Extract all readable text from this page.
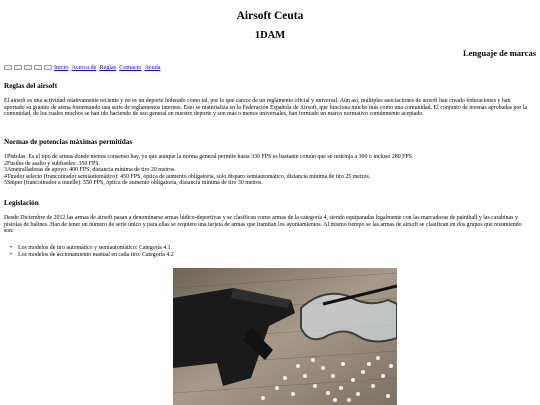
Airsoft Ceuta
1DAM
Lenguaje de marcas
Inicio Acerca de Reglas Contacto Ayuda
Reglas del airsoft

El airsoft es una actividad relativamente reciente y no es un deporte federado como tal, por lo que carece de un reglamento oficial y universal. Aún así, múltiples asociaciones de airsoft han creado federaciones y han aportado su granito de arena fomentando una serie de reglamentos internos. Esto se materializa en la Federación Española de Airsoft, que funciona mucho más como una comunidad. El conjunto de normas aprobadas por la comunidad, de los cuales muchos se han ido haciendo de uso general en nuestro deporte y son más o menos universales, han formado un marco normativo comúnmente aceptado.

Normas de potencias máximas permitidas
1Pistolas: Es el tipo de armas donde menos consenso hay, ya que aunque la norma general permite hasta 330 FPS es bastante común que se restrinja a 300 o incluso 280 FPS.
2Fusiles de asalto y subfusiles: 350 FPS.
3Ametralladoras de apoyo: 400 FPS, distancia mínima de tiro 20 metros.
4Tirador selecto (francotirador semiautomático): 450 FPS, óptica de aumento obligatoria, solo disparo semiautomático, distancia mínima de tiro 25 metros.
5Sniper (francotirador a muelle): 550 FPS, óptica de aumento obligatoria, distancia mínima de tiro 30 metros.
Legislación

Desde Diciembre de 2012 las armas de airsoft pasan a denominarse armas lúdico-deportivas y se clasifican como armas de la categoría 4, siendo equiparadas legalmente con las marcadoras de paintball y las carabinas y pistolas de balines. Han de tener un número de serie único y para ellas se requiere una tarjeta de armas que tramitan los ayuntamientos. Al mismo tiempo se las armas de airsoft se clasifican en dos grupos que resumiendo son:

• Los modelos de tiro automático y semiautomático: Categoría 4.1
• Los modelos de accionamiento manual en cada tiro: Categoría 4.2
